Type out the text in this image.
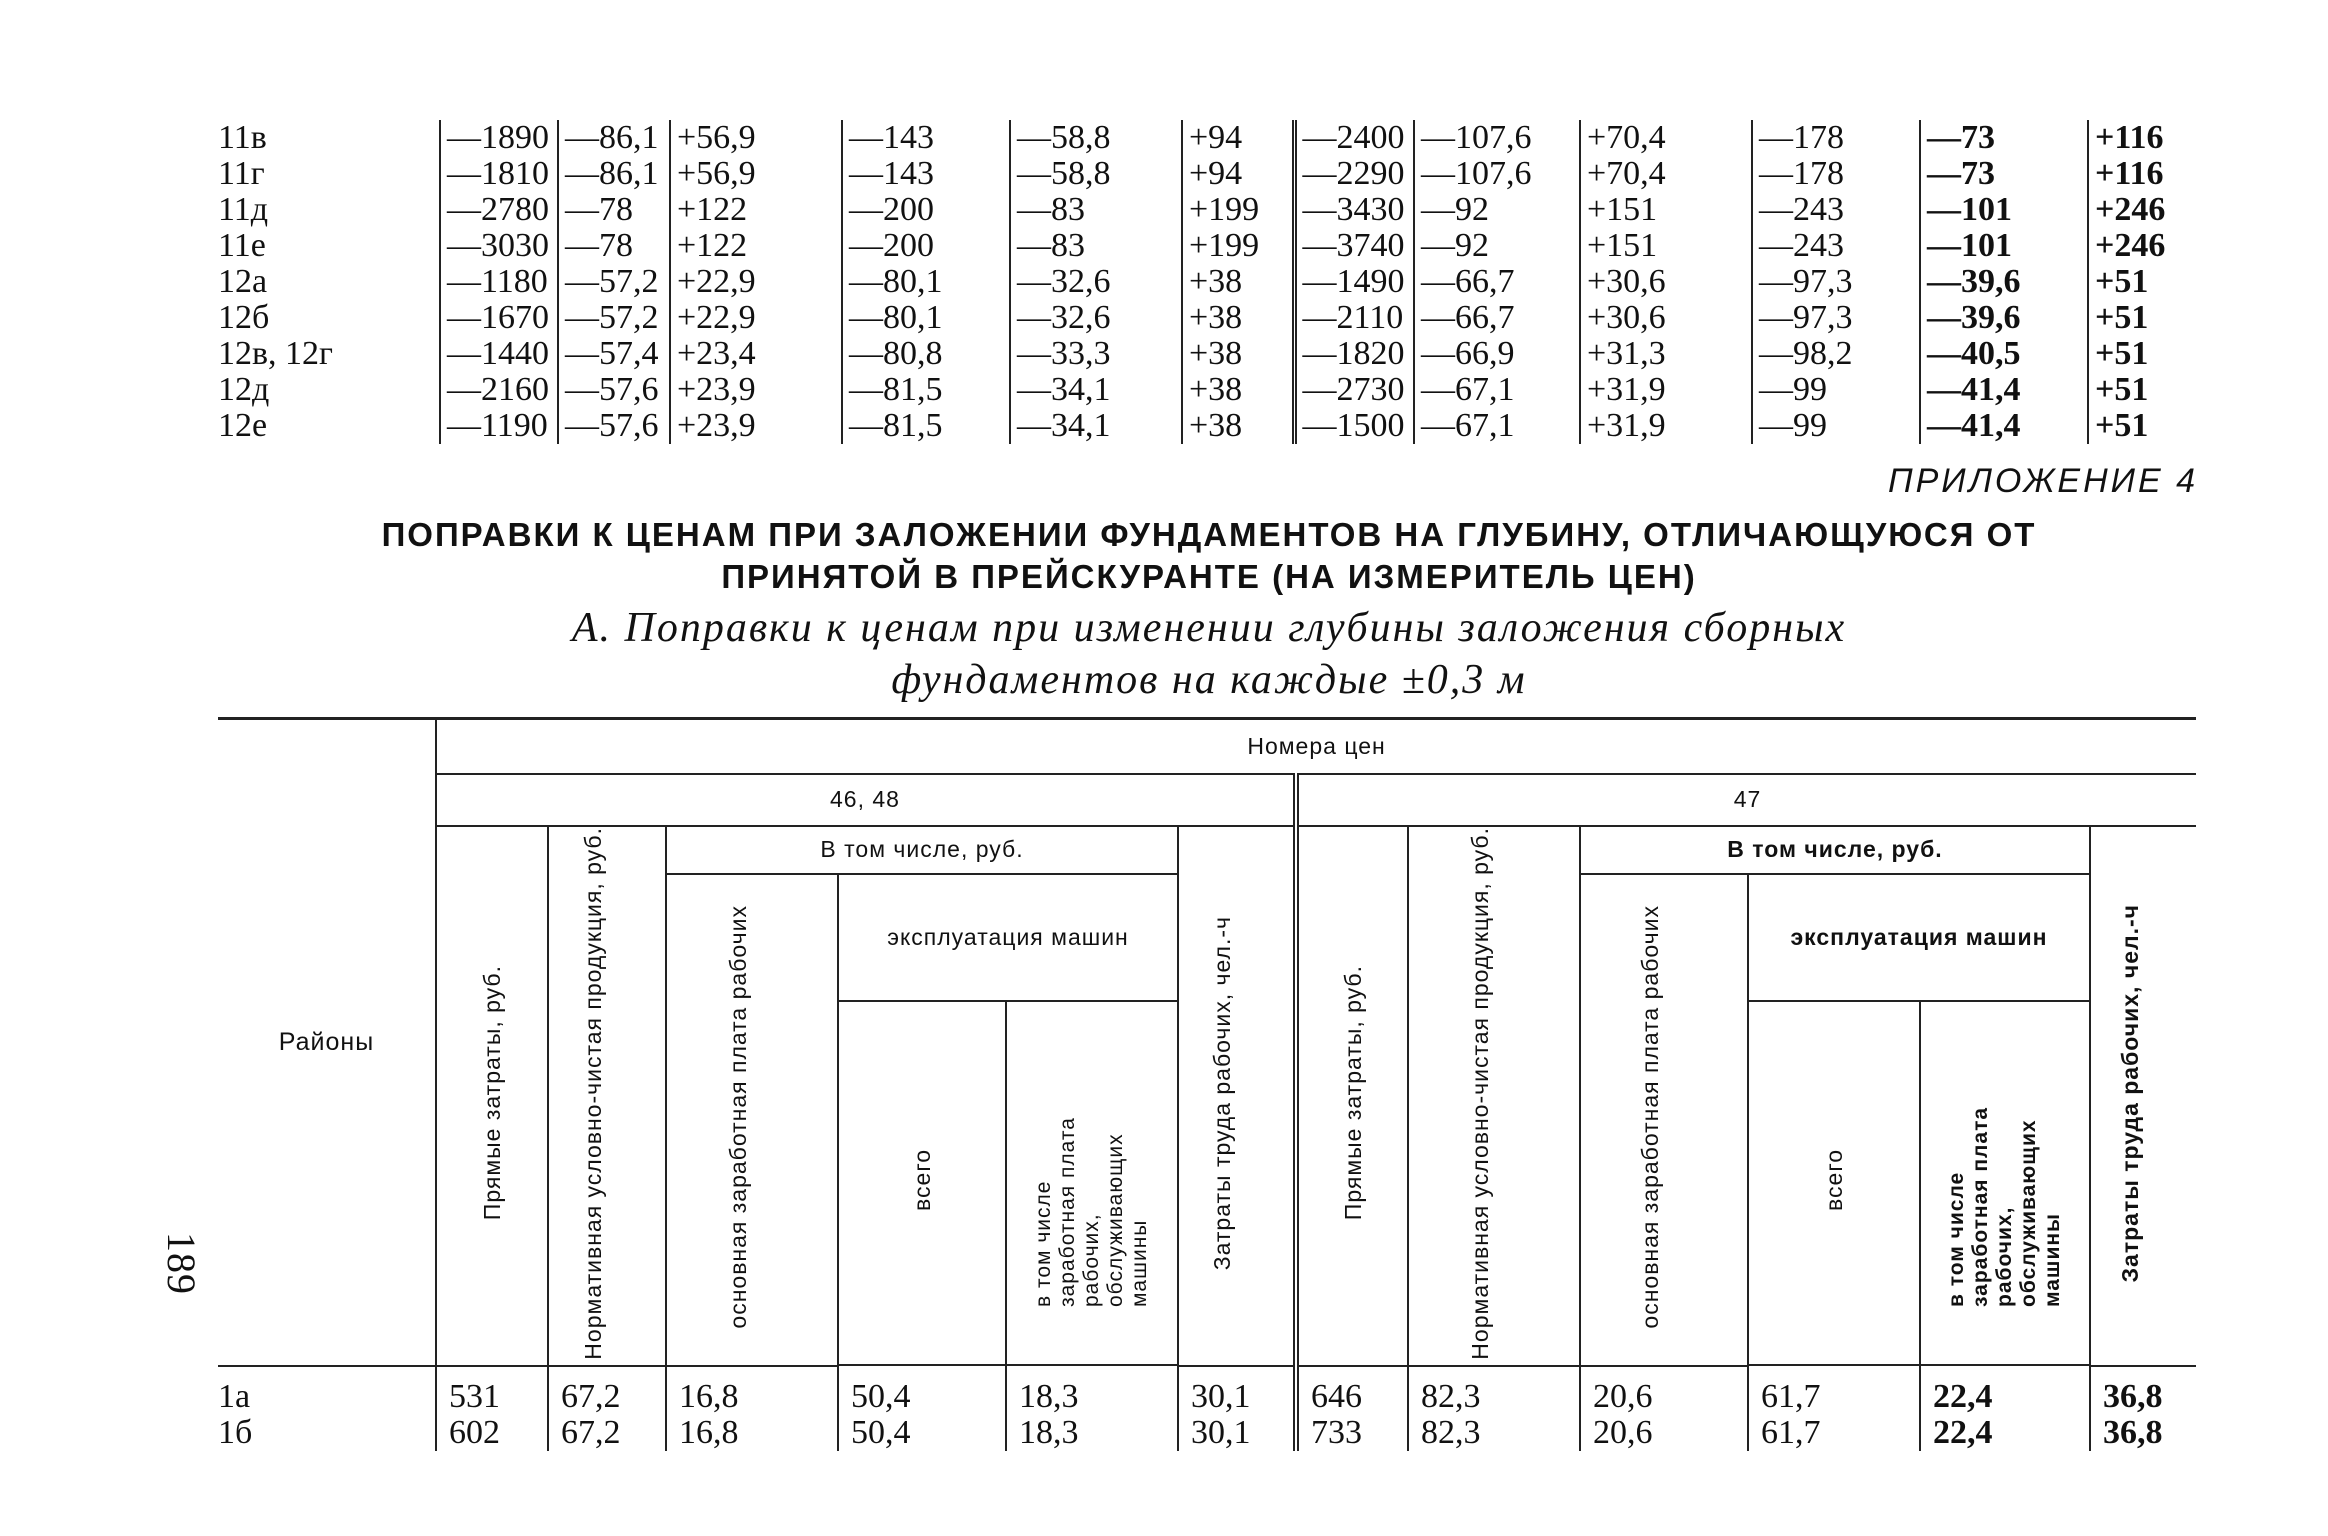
11в	—1890	—86,1	+56,9	—143	—58,8	+94	—2400	—107,6	+70,4	—178	—73	+116
11г	—1810	—86,1	+56,9	—143	—58,8	+94	—2290	—107,6	+70,4	—178	—73	+116
11д	—2780	—78	+122	—200	—83	+199	—3430	—92	+151	—243	—101	+246
11е	—3030	—78	+122	—200	—83	+199	—3740	—92	+151	—243	—101	+246
12а	—1180	—57,2	+22,9	—80,1	—32,6	+38	—1490	—66,7	+30,6	—97,3	—39,6	+51
12б	—1670	—57,2	+22,9	—80,1	—32,6	+38	—2110	—66,7	+30,6	—97,3	—39,6	+51
12в, 12г	—1440	—57,4	+23,4	—80,8	—33,3	+38	—1820	—66,9	+31,3	—98,2	—40,5	+51
12д	—2160	—57,6	+23,9	—81,5	—34,1	+38	—2730	—67,1	+31,9	—99	—41,4	+51
12е	—1190	—57,6	+23,9	—81,5	—34,1	+38	—1500	—67,1	+31,9	—99	—41,4	+51
ПРИЛОЖЕНИЕ 4
ПОПРАВКИ К ЦЕНАМ ПРИ ЗАЛОЖЕНИИ ФУНДАМЕНТОВ НА ГЛУБИНУ, ОТЛИЧАЮЩУЮСЯ ОТ
ПРИНЯТОЙ В ПРЕЙСКУРАНТЕ (НА ИЗМЕРИТЕЛЬ ЦЕН)
А. Поправки к ценам при изменении глубины заложения сборных
фундаментов на каждые ±0,3 м
Районы	Номера цен											
	46, 48						47					
	Прямые затраты, руб.	Нормативная условно-чистая продукция, руб.	В том числе, руб.			Затраты труда рабочих, чел.-ч	Прямые затраты, руб.	Нормативная условно-чистая продукция, руб.	В том числе, руб.			Затраты труда рабочих, чел.-ч
			основная заработная плата рабочих	эксплуатация машин					основная заработная плата рабочих	эксплуатация машин		
				всего	в том числе заработная плата рабочих, обслуживающих машины					всего	в том числе заработная плата рабочих, обслуживающих машины	

1а	531	67,2	16,8	50,4	18,3	30,1	646	82,3	20,6	61,7	22,4	36,8
1б	602	67,2	16,8	50,4	18,3	30,1	733	82,3	20,6	61,7	22,4	36,8
189
